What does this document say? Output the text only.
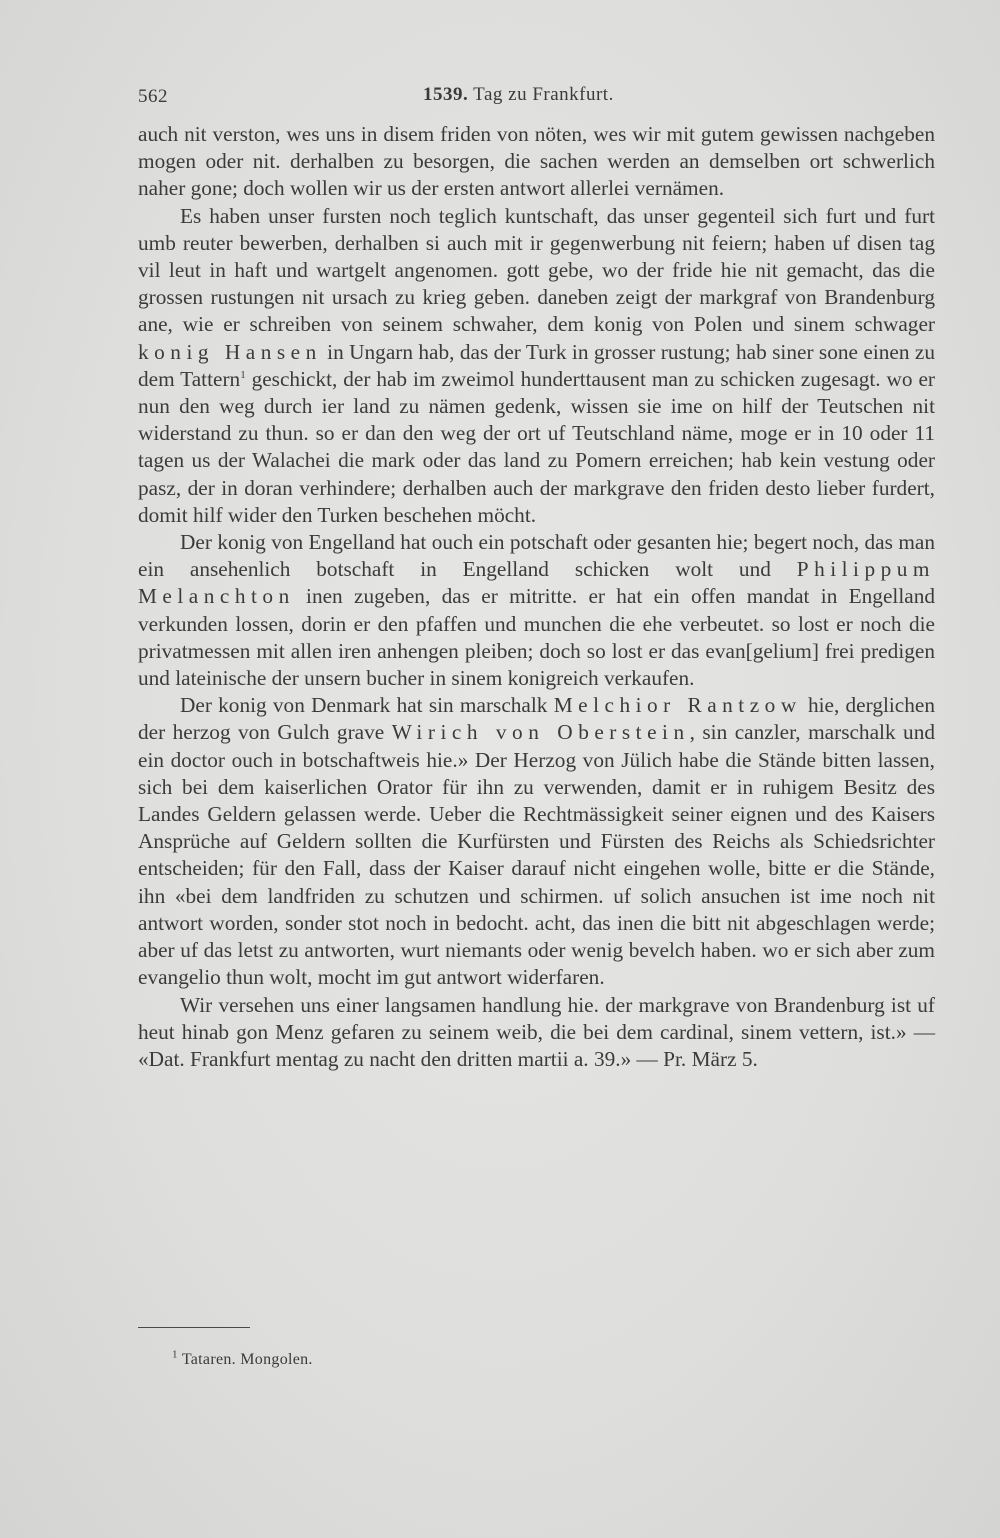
562	1539. Tag zu Frankfurt.

auch nit verston, wes uns in disem friden von nöten, wes wir mit gutem gewissen nachgeben mogen oder nit. derhalben zu besorgen, die sachen werden an demselben ort schwerlich naher gone; doch wollen wir us der ersten antwort allerlei vernämen.

Es haben unser fursten noch teglich kuntschaft, das unser gegenteil sich furt und furt umb reuter bewerben, derhalben si auch mit ir gegenwerbung nit feiern; haben uf disen tag vil leut in haft und wartgelt angenomen. gott gebe, wo der fride hie nit gemacht, das die grossen rustungen nit ursach zu krieg geben. daneben zeigt der markgraf von Brandenburg ane, wie er schreiben von seinem schwaher, dem konig von Polen und sinem schwager konig Hansen in Ungarn hab, das der Turk in grosser rustung; hab siner sone einen zu dem Tattern$^1$ geschickt, der hab im zweimol hunderttausent man zu schicken zugesagt. wo er nun den weg durch ier land zu nämen gedenk, wissen sie ime on hilf der Teutschen nit widerstand zu thun. so er dan den weg der ort uf Teutschland näme, moge er in 10 oder 11 tagen us der Walachei die mark oder das land zu Pomern erreichen; hab kein vestung oder pasz, der in doran verhindere; derhalben auch der markgrave den friden desto lieber furdert, domit hilf wider den Turken beschehen möcht.

Der konig von Engelland hat ouch ein potschaft oder gesanten hie; begert noch, das man ein ansehenlich botschaft in Engelland schicken wolt und Philippum Melanchton inen zugeben, das er mitritte. er hat ein offen mandat in Engelland verkunden lossen, dorin er den pfaffen und munchen die ehe verbeutet. so lost er noch die privatmessen mit allen iren anhengen pleiben; doch so lost er das evan[gelium] frei predigen und lateinische der unsern bucher in sinem konigreich verkaufen.

Der konig von Denmark hat sin marschalk Melchior Rantzow hie, derglichen der herzog von Gulch grave Wirich von Oberstein, sin canzler, marschalk und ein doctor ouch in botschaftweis hie.» Der Herzog von Jülich habe die Stände bitten lassen, sich bei dem kaiserlichen Orator für ihn zu verwenden, damit er in ruhigem Besitz des Landes Geldern gelassen werde. Ueber die Rechtmässigkeit seiner eignen und des Kaisers Ansprüche auf Geldern sollten die Kurfürsten und Fürsten des Reichs als Schiedsrichter entscheiden; für den Fall, dass der Kaiser darauf nicht eingehen wolle, bitte er die Stände, ihn «bei dem landfriden zu schutzen und schirmen. uf solich ansuchen ist ime noch nit antwort worden, sonder stot noch in bedocht. acht, das inen die bitt nit abgeschlagen werde; aber uf das letst zu antworten, wurt niemants oder wenig bevelch haben. wo er sich aber zum evangelio thun wolt, mocht im gut antwort widerfaren.

Wir versehen uns einer langsamen handlung hie. der markgrave von Brandenburg ist uf heut hinab gon Menz gefaren zu seinem weib, die bei dem cardinal, sinem vettern, ist.» — «Dat. Frankfurt mentag zu nacht den dritten martii a. 39.» — Pr. März 5.

$^1$ Tataren. Mongolen.
